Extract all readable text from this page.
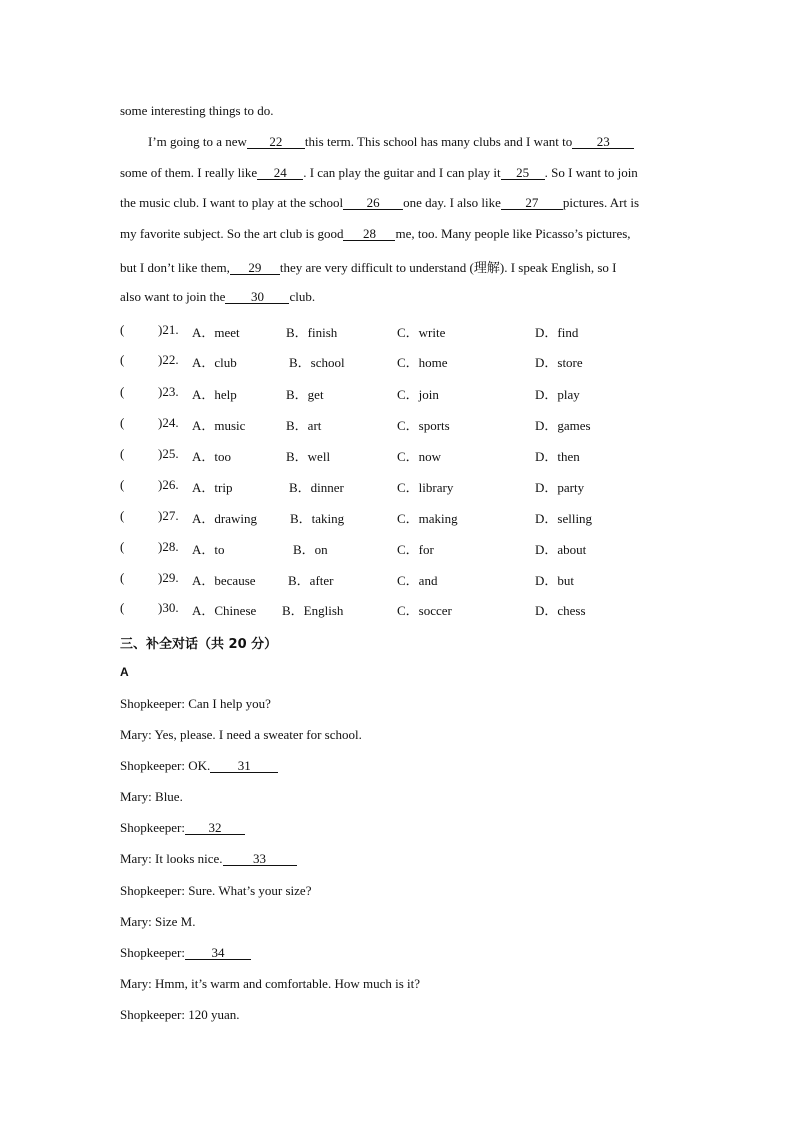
some interesting things to do.
I’m going to a new 22 this term. This school has many clubs and I want to 23
some of them. I really like 24 . I can play the guitar and I can play it 25 . So I want to join
the music club. I want to play at the school 26 one day. I also like 27 pictures. Art is
my favorite subject. So the art club is good 28 me, too. Many people like Picasso’s pictures,
but I don’t like them, 29 they are very difficult to understand (理解). I speak English, so I
also want to join the 30 club.
(	)21. A．meet	B．finish	C．write	D．find
(	)22. A．club	B．school	C．home	D．store
(	)23. A．help	B．get	C．join	D．play
(	)24. A．music	B．art	C．sports	D．games
(	)25. A．too	B．well	C．now	D．then
(	)26. A．trip	B．dinner	C．library	D．party
(	)27. A．drawing	B．taking	C．making	D．selling
(	)28. A．to	B．on	C．for	D．about
(	)29. A．because B．after	C．and	D．but
(	)30. A．Chinese B．English	C．soccer	D．chess
三、补全对话（共 20 分）
A
Shopkeeper: Can I help you?
Mary: Yes, please. I need a sweater for school.
Shopkeeper: OK. 31
Mary: Blue.
Shopkeeper: 32
Mary: It looks nice. 33
Shopkeeper: Sure. What’s your size?
Mary: Size M.
Shopkeeper: 34
Mary: Hmm, it’s warm and comfortable. How much is it?
Shopkeeper: 120 yuan.
